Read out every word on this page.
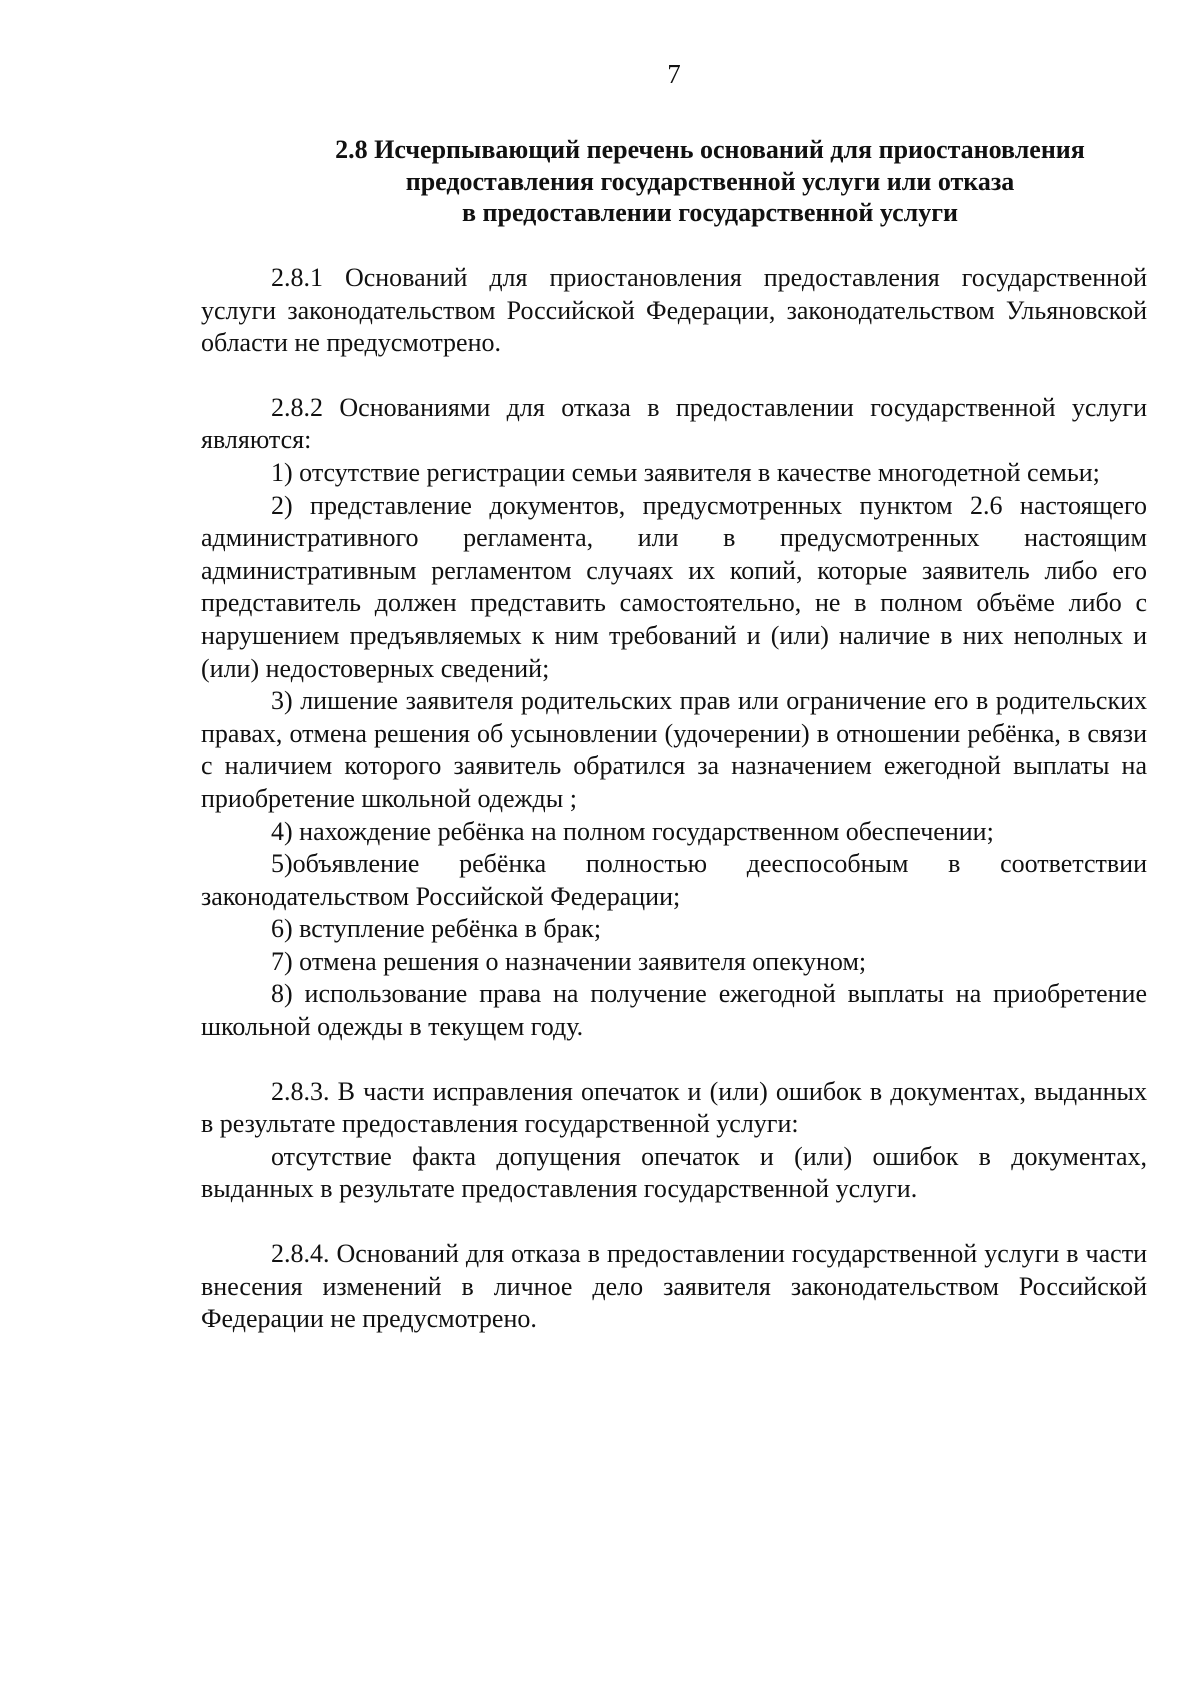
7
2.8 Исчерпывающий перечень оснований для приостановления
предоставления государственной услуги или отказа
в предоставлении государственной услуги

2.8.1 Оснований для приостановления предоставления государственной услуги законодательством Российской Федерации, законодательством Ульяновской области не предусмотрено.

2.8.2 Основаниями для отказа в предоставлении государственной услуги являются:

1) отсутствие регистрации семьи заявителя в качестве многодетной семьи;

2) представление документов, предусмотренных пунктом 2.6 настоящего административного регламента, или в предусмотренных настоящим административным регламентом случаях их копий, которые заявитель либо его представитель должен представить самостоятельно, не в полном объёме либо с нарушением предъявляемых к ним требований и (или) наличие в них неполных и (или) недостоверных сведений;

3) лишение заявителя родительских прав или ограничение его в родительских правах, отмена решения об усыновлении (удочерении) в отношении ребёнка, в связи с наличием которого заявитель обратился за назначением ежегодной выплаты на приобретение школьной одежды ;

4) нахождение ребёнка на полном государственном обеспечении;

5)объявление ребёнка полностью дееспособным в соответствии законодательством Российской Федерации;

6) вступление ребёнка в брак;

7) отмена решения о назначении заявителя опекуном;

8) использование права на получение ежегодной выплаты на приобретение школьной одежды в текущем году.

2.8.3. В части исправления опечаток и (или) ошибок в документах, выданных в результате предоставления государственной услуги:

отсутствие факта допущения опечаток и (или) ошибок в документах, выданных в результате предоставления государственной услуги.

2.8.4. Оснований для отказа в предоставлении государственной услуги в части внесения изменений в личное дело заявителя законодательством Российской Федерации не предусмотрено.
